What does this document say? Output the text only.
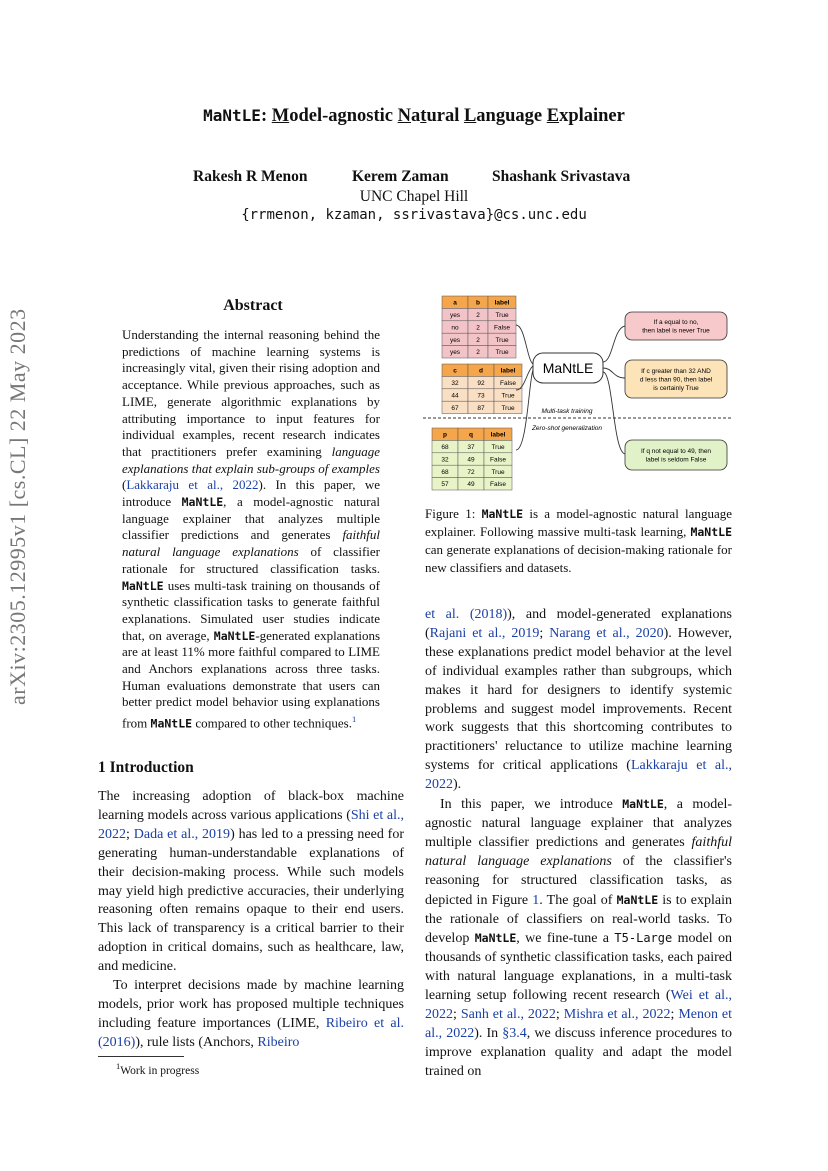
arXiv:2305.12995v1 [cs.CL] 22 May 2023
MaNtLE: Model-agnostic Natural Language Explainer
Rakesh R Menon	Kerem Zaman	Shashank Srivastava
UNC Chapel Hill
{rrmenon, kzaman, ssrivastava}@cs.unc.edu
Abstract

Understanding the internal reasoning behind the predictions of machine learning systems is increasingly vital, given their rising adoption and acceptance. While previous approaches, such as LIME, generate algorithmic explanations by attributing importance to input features for individual examples, recent research indicates that practitioners prefer examining language explanations that explain sub-groups of examples (Lakkaraju et al., 2022). In this paper, we introduce MaNtLE, a model-agnostic natural language explainer that analyzes multiple classifier predictions and generates faithful natural language explanations of classifier rationale for structured classification tasks. MaNtLE uses multi-task training on thousands of synthetic classification tasks to generate faithful explanations. Simulated user studies indicate that, on average, MaNtLE-generated explanations are at least 11% more faithful compared to LIME and Anchors explanations across three tasks. Human evaluations demonstrate that users can better predict model behavior using explanations from MaNtLE compared to other techniques.$^1$

1 Introduction

The increasing adoption of black-box machine learning models across various applications (Shi et al., 2022; Dada et al., 2019) has led to a pressing need for generating human-understandable explanations of their decision-making process. While such models may yield high predictive accuracies, their underlying reasoning often remains opaque to their end users. This lack of transparency is a critical barrier to their adoption in critical domains, such as healthcare, law, and medicine.

To interpret decisions made by machine learning models, prior work has proposed multiple techniques including feature importances (LIME, Ribeiro et al. (2016)), rule lists (Anchors, Ribeiro

$^1$Work in progress
a	b label
yes 2 True
no	2 False
yes 2 True
yes 2 True
c	d	label
32	92 False
44	73	True
67	87	True
p	q	label
68	37	True
32	49 False
68	72	True
57	49 False
MaNtLE
Multi-task training
Zero-shot generalization
If a equal to no,
then label is never True
If c greater than 32 AND
d less than 90, then label
is certainly True
If q not equal to 49, then
label is seldom False
Figure 1: MaNtLE is a model-agnostic natural language explainer. Following massive multi-task learning, MaNtLE can generate explanations of decision-making rationale for new classifiers and datasets.

et al. (2018)), and model-generated explanations (Rajani et al., 2019; Narang et al., 2020). However, these explanations predict model behavior at the level of individual examples rather than subgroups, which makes it hard for designers to identify systemic problems and suggest model improvements. Recent work suggests that this shortcoming contributes to practitioners' reluctance to utilize machine learning systems for critical applications (Lakkaraju et al., 2022).

In this paper, we introduce MaNtLE, a model-agnostic natural language explainer that analyzes multiple classifier predictions and generates faithful natural language explanations of the classifier's reasoning for structured classification tasks, as depicted in Figure 1. The goal of MaNtLE is to explain the rationale of classifiers on real-world tasks. To develop MaNtLE, we fine-tune a T5-Large model on thousands of synthetic classification tasks, each paired with natural language explanations, in a multi-task learning setup following recent research (Wei et al., 2022; Sanh et al., 2022; Mishra et al., 2022; Menon et al., 2022). In §3.4, we discuss inference procedures to improve explanation quality and adapt the model trained on
